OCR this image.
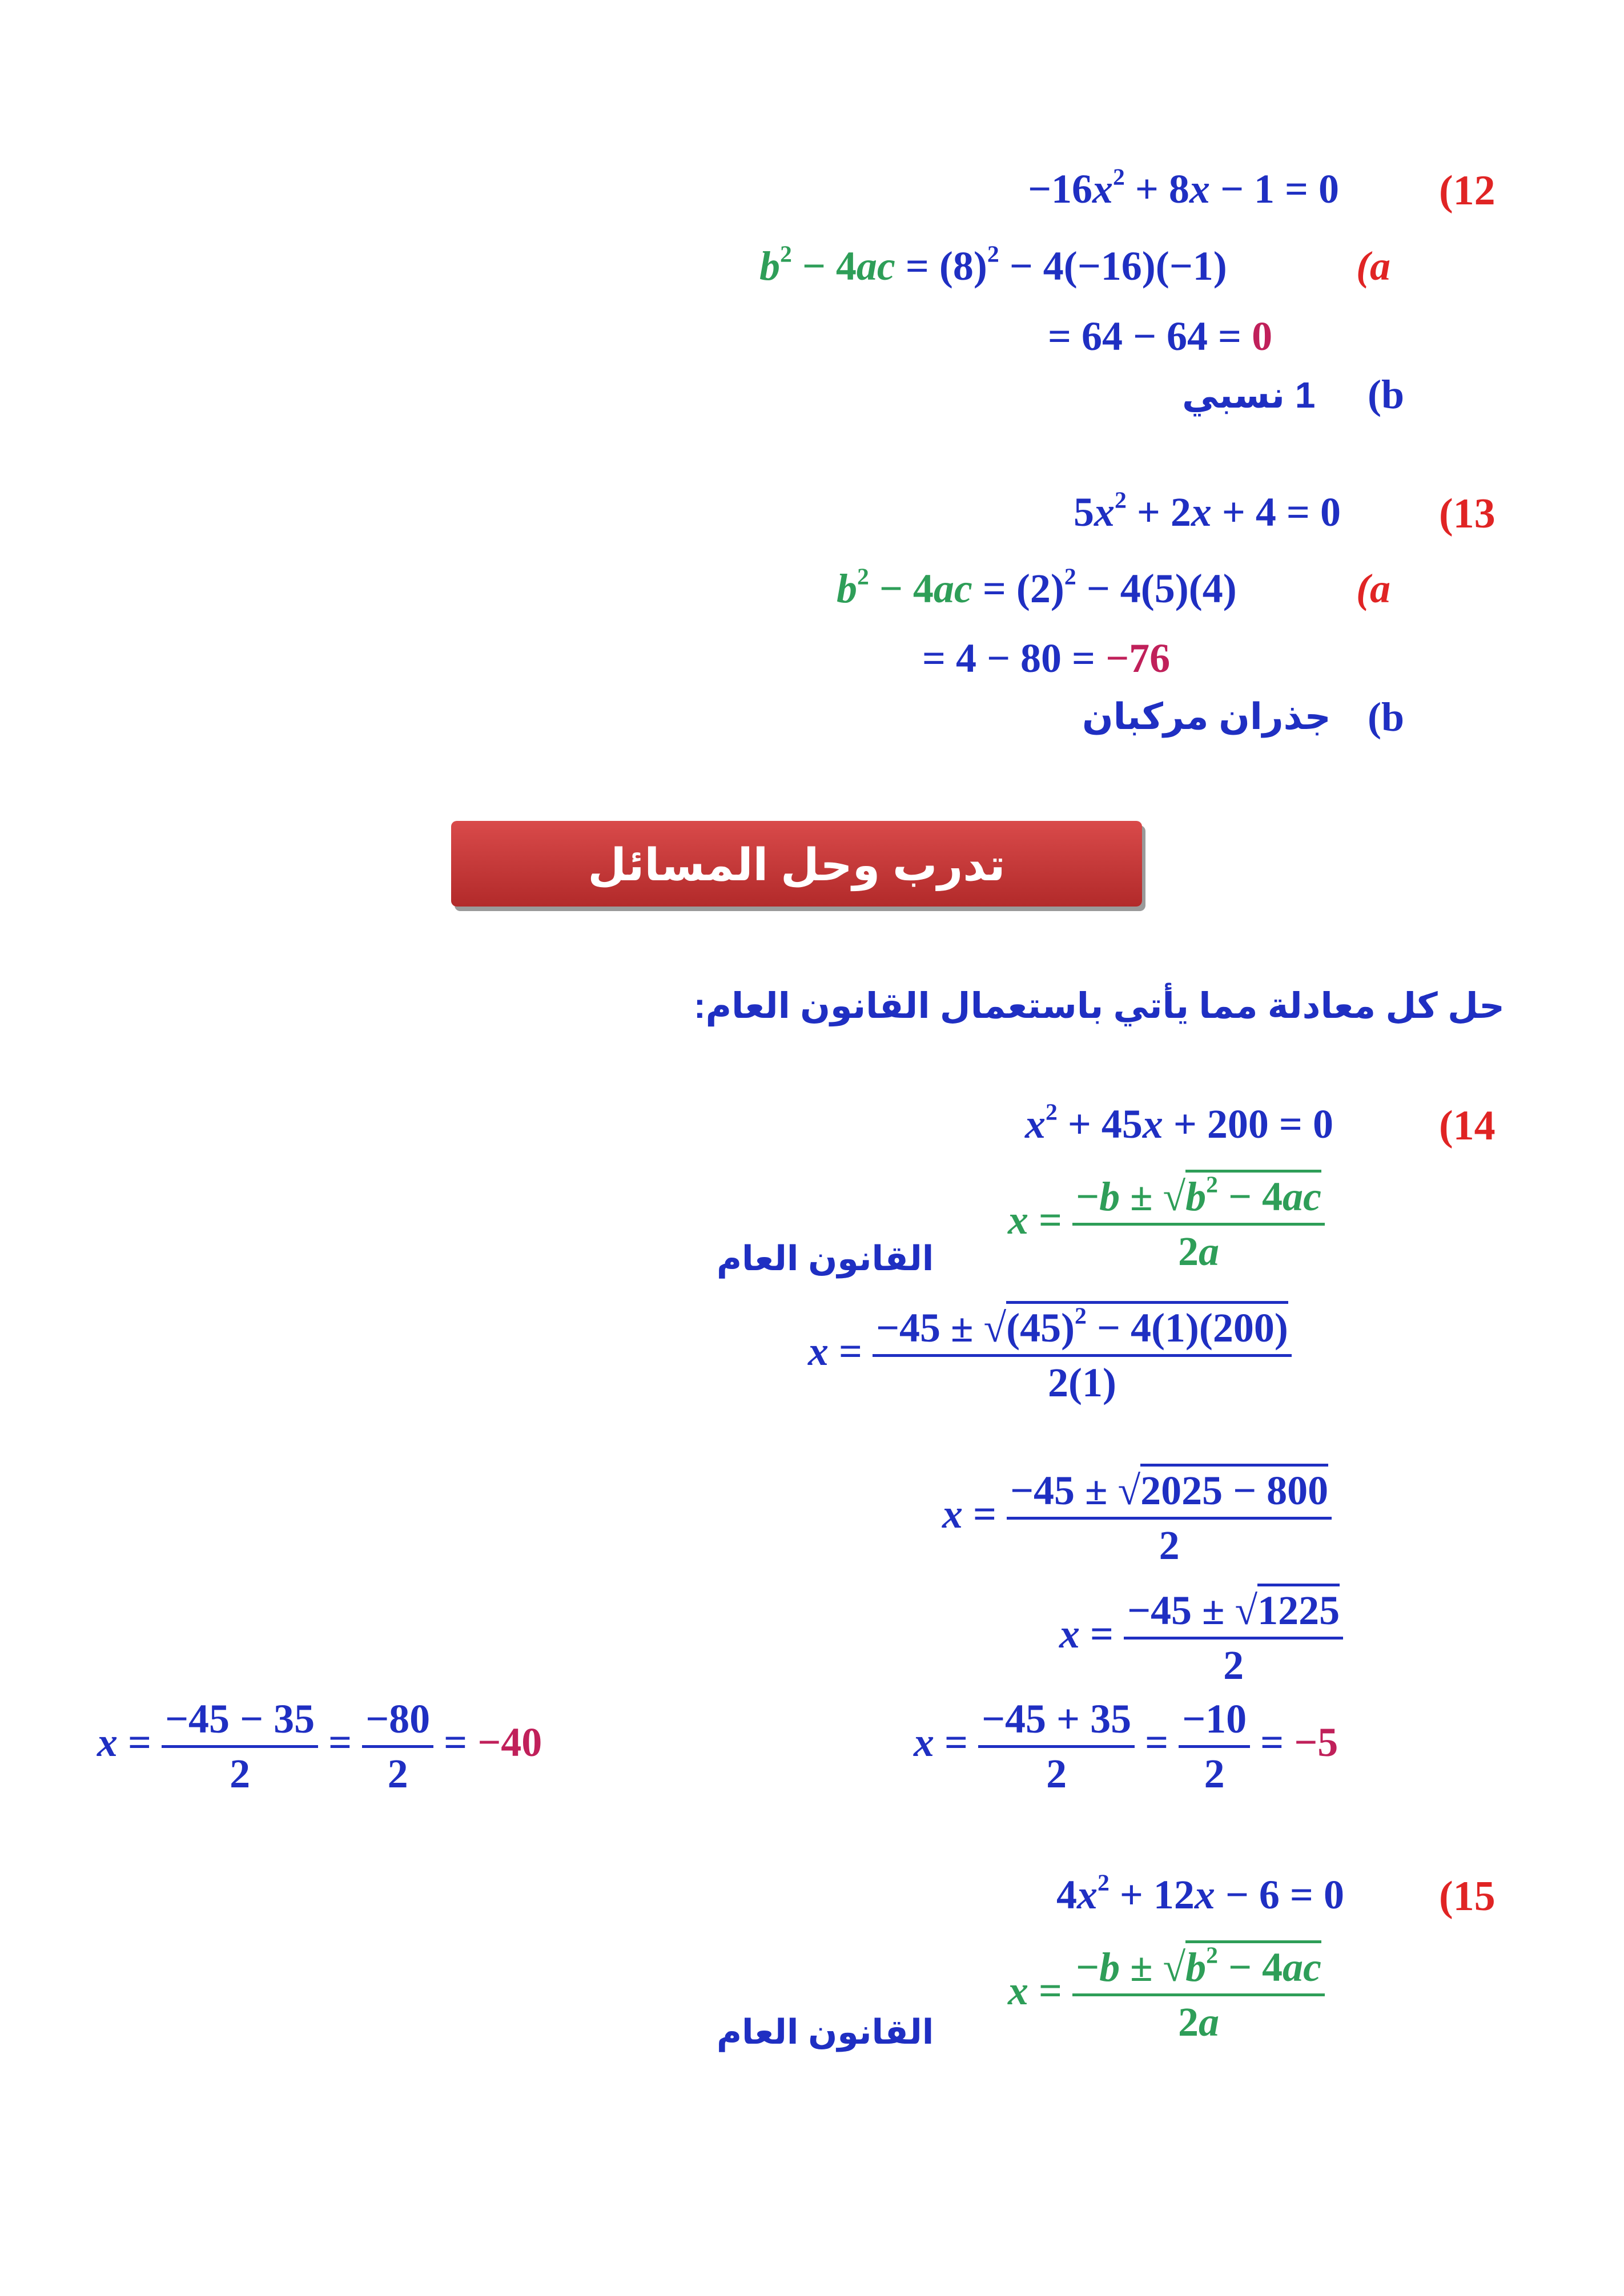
(12
$-16x^2 + 8x - 1 = 0$
(a
$b^2 - 4ac = (8)^2 - 4(-16)(-1)$
= 64 − 64 = 0
(b
1 نسبي
(13
$5x^2 + 2x + 4 = 0$
(a
$b^2 - 4ac = (2)^2 - 4(5)(4)$
= 4 − 80 = −76
(b
جذران مركبان
تدرب وحل المسائل
حل كل معادلة مما يأتي باستعمال القانون العام:
(14
$x^2 + 45x + 200 = 0$
القانون العام
$x = \frac{-b \pm √b^2 - 4ac}{2a}$
$x = \frac{-45 \pm √(45)^2 - 4(1)(200)}{2(1)}$
$x = \frac{-45 \pm √2025 - 800}{2}$
$x = \frac{-45 \pm √1225}{2}$
$x = \frac{-45 + 35}{2} = \frac{-10}{2} = -5$
$x = \frac{-45 - 35}{2} = \frac{-80}{2} = -40$
(15
$4x^2 + 12x - 6 = 0$
القانون العام
$x = \frac{-b \pm √b^2 - 4ac}{2a}$
